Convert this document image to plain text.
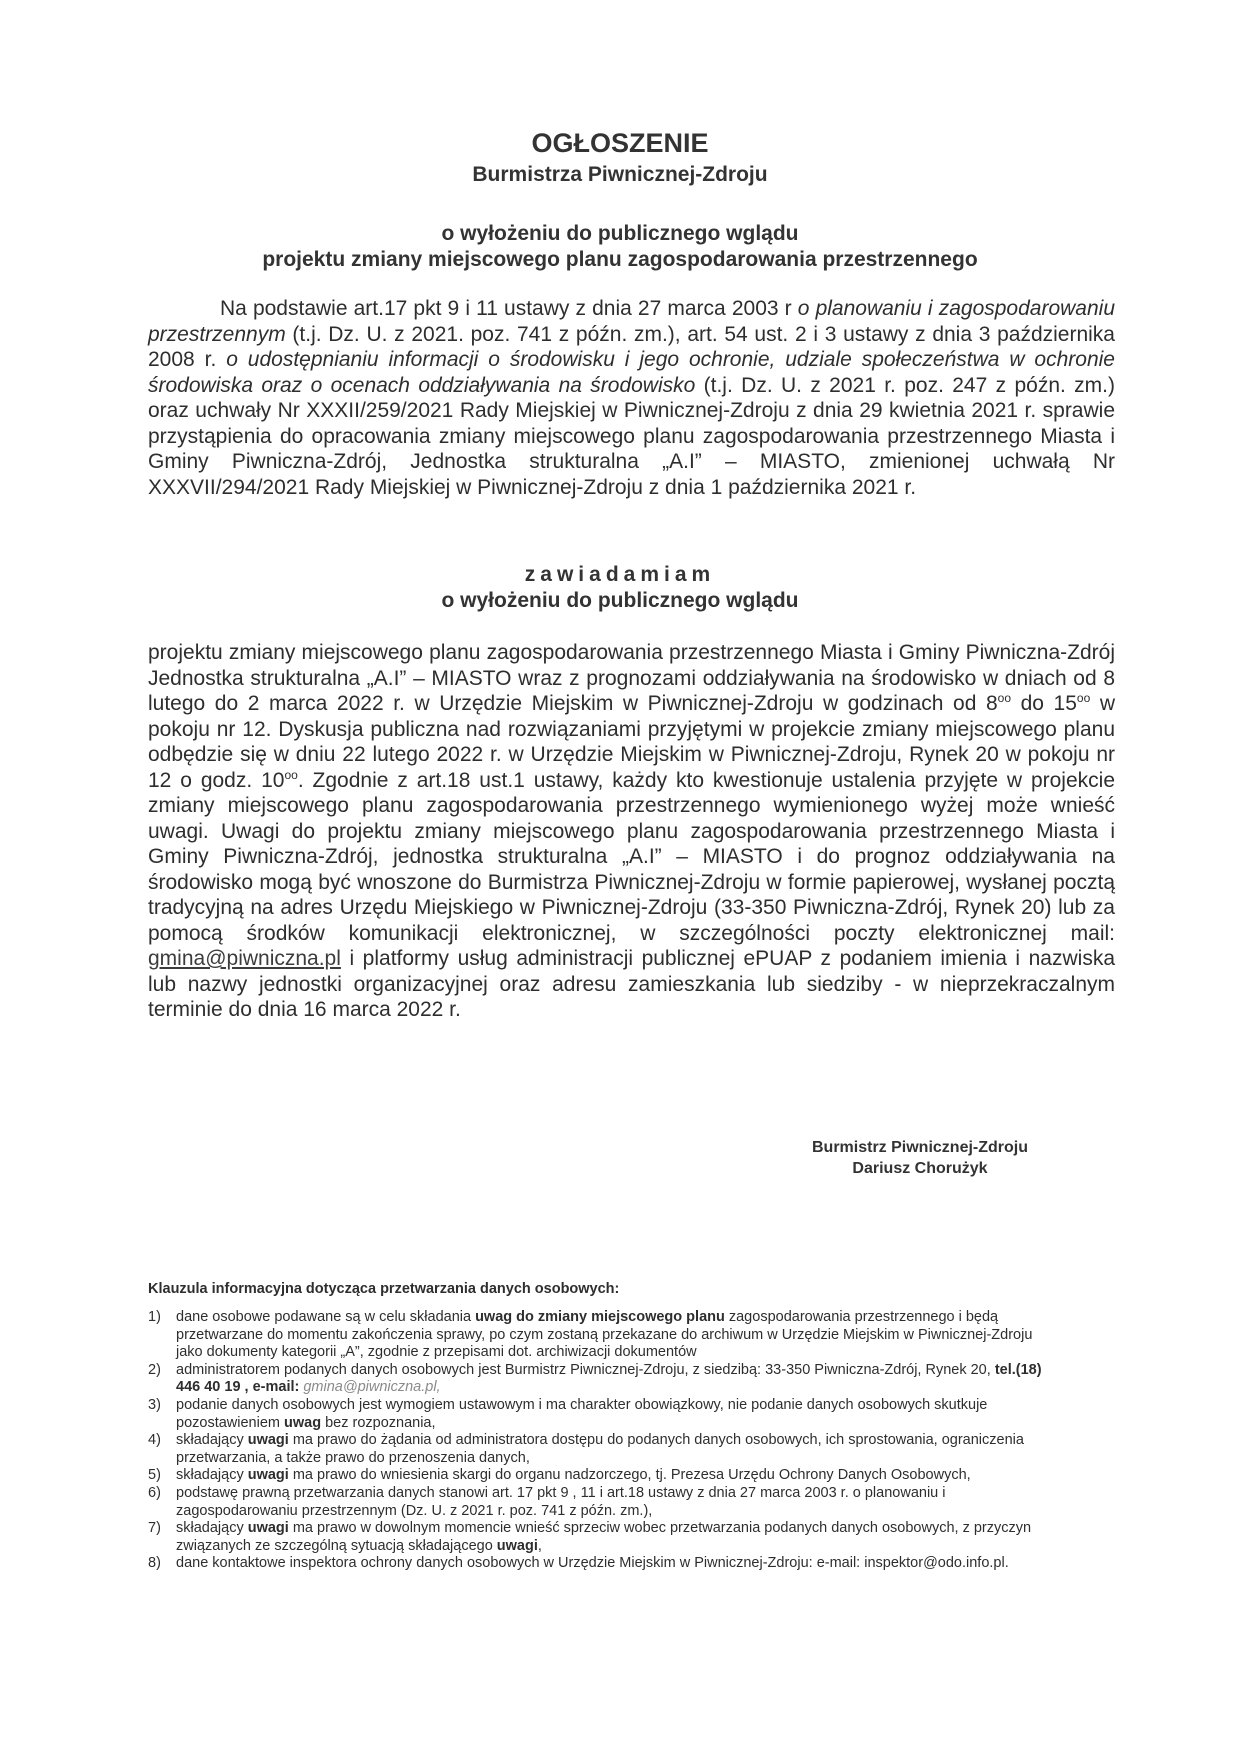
OGŁOSZENIE
Burmistrza Piwnicznej-Zdroju
o wyłożeniu do publicznego wglądu
projektu zmiany miejscowego planu zagospodarowania przestrzennego
Na podstawie art.17 pkt 9 i 11 ustawy z dnia 27 marca 2003 r o planowaniu i zagospodarowaniu przestrzennym (t.j. Dz. U. z 2021. poz. 741 z późn. zm.), art. 54 ust. 2 i 3 ustawy z dnia 3 października 2008 r. o udostępnianiu informacji o środowisku i jego ochronie, udziale społeczeństwa w ochronie środowiska oraz o ocenach oddziaływania na środowisko (t.j. Dz. U. z 2021 r. poz. 247 z późn. zm.) oraz uchwały Nr XXXII/259/2021 Rady Miejskiej w Piwnicznej-Zdroju z dnia 29 kwietnia 2021 r. sprawie przystąpienia do opracowania zmiany miejscowego planu zagospodarowania przestrzennego Miasta i Gminy Piwniczna-Zdrój, Jednostka strukturalna „A.I” – MIASTO, zmienionej uchwałą Nr XXXVII/294/2021 Rady Miejskiej w Piwnicznej-Zdroju z dnia 1 października 2021 r.
zawiadamiam
o wyłożeniu do publicznego wglądu
projektu zmiany miejscowego planu zagospodarowania przestrzennego Miasta i Gminy Piwniczna-Zdrój Jednostka strukturalna „A.I” – MIASTO wraz z prognozami oddziaływania na środowisko w dniach od 8 lutego do 2 marca 2022 r. w Urzędzie Miejskim w Piwnicznej-Zdroju w godzinach od $8^{oo}$ do $15^{oo}$ w pokoju nr 12. Dyskusja publiczna nad rozwiązaniami przyjętymi w projekcie zmiany miejscowego planu odbędzie się w dniu 22 lutego 2022 r. w Urzędzie Miejskim w Piwnicznej-Zdroju, Rynek 20 w pokoju nr 12 o godz. $10^{oo}$. Zgodnie z art.18 ust.1 ustawy, każdy kto kwestionuje ustalenia przyjęte w projekcie zmiany miejscowego planu zagospodarowania przestrzennego wymienionego wyżej może wnieść uwagi. Uwagi do projektu zmiany miejscowego planu zagospodarowania przestrzennego Miasta i Gminy Piwniczna-Zdrój, jednostka strukturalna „A.I” – MIASTO i do prognoz oddziaływania na środowisko mogą być wnoszone do Burmistrza Piwnicznej-Zdroju w formie papierowej, wysłanej pocztą tradycyjną na adres Urzędu Miejskiego w Piwnicznej-Zdroju (33-350 Piwniczna-Zdrój, Rynek 20) lub za pomocą środków komunikacji elektronicznej, w szczególności poczty elektronicznej mail: gmina@piwniczna.pl i platformy usług administracji publicznej ePUAP z podaniem imienia i nazwiska lub nazwy jednostki organizacyjnej oraz adresu zamieszkania lub siedziby - w nieprzekraczalnym terminie do dnia 16 marca 2022 r.
Burmistrz Piwnicznej-Zdroju
Dariusz Chorużyk
Klauzula informacyjna dotycząca przetwarzania danych osobowych:
1) dane osobowe podawane są w celu składania uwag do zmiany miejscowego planu zagospodarowania przestrzennego i będą przetwarzane do momentu zakończenia sprawy, po czym zostaną przekazane do archiwum w Urzędzie Miejskim w Piwnicznej-Zdroju jako dokumenty kategorii „A”, zgodnie z przepisami dot. archiwizacji dokumentów
2) administratorem podanych danych osobowych jest Burmistrz Piwnicznej-Zdroju, z siedzibą: 33-350 Piwniczna-Zdrój, Rynek 20, tel.(18) 446 40 19 , e-mail: gmina@piwniczna.pl,
3) podanie danych osobowych jest wymogiem ustawowym i ma charakter obowiązkowy, nie podanie danych osobowych skutkuje pozostawieniem uwag bez rozpoznania,
4) składający uwagi ma prawo do żądania od administratora dostępu do podanych danych osobowych, ich sprostowania, ograniczenia przetwarzania, a także prawo do przenoszenia danych,
5) składający uwagi ma prawo do wniesienia skargi do organu nadzorczego, tj. Prezesa Urzędu Ochrony Danych Osobowych,
6) podstawę prawną przetwarzania danych stanowi art. 17 pkt 9 , 11 i art.18 ustawy z dnia 27 marca 2003 r. o planowaniu i zagospodarowaniu przestrzennym (Dz. U. z 2021 r. poz. 741 z późn. zm.),
7) składający uwagi ma prawo w dowolnym momencie wnieść sprzeciw wobec przetwarzania podanych danych osobowych, z przyczyn związanych ze szczególną sytuacją składającego uwagi,
8) dane kontaktowe inspektora ochrony danych osobowych w Urzędzie Miejskim w Piwnicznej-Zdroju: e-mail: inspektor@odo.info.pl.
